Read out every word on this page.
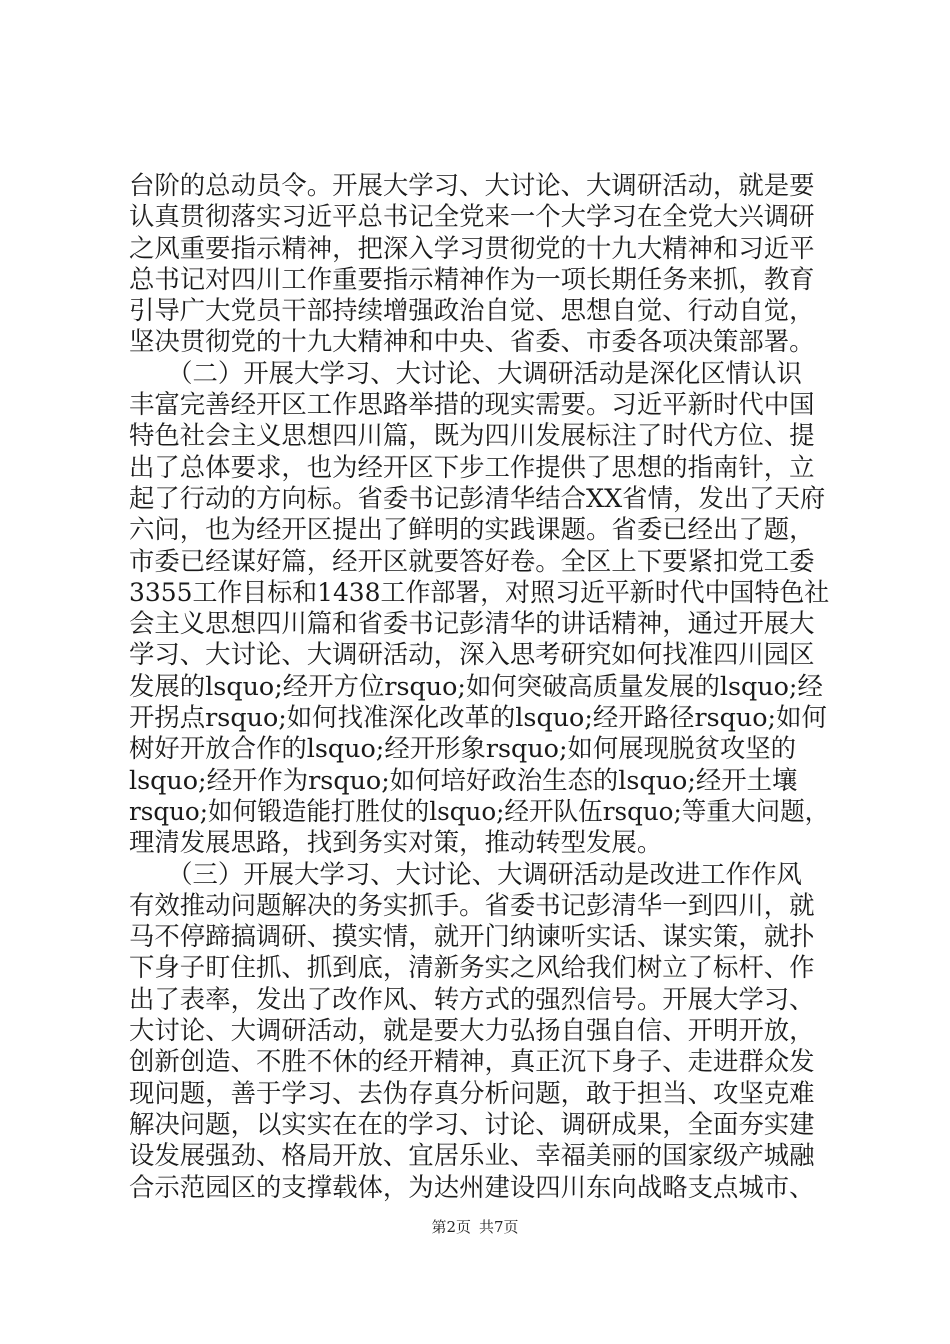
台阶的总动员令。开展大学习、大讨论、大调研活动，就是要
认真贯彻落实习近平总书记全党来一个大学习在全党大兴调研
之风重要指示精神，把深入学习贯彻党的十九大精神和习近平
总书记对四川工作重要指示精神作为一项长期任务来抓，教育
引导广大党员干部持续增强政治自觉、思想自觉、行动自觉，
坚决贯彻党的十九大精神和中央、省委、市委各项决策部署。
　　（二）开展大学习、大讨论、大调研活动是深化区情认识
丰富完善经开区工作思路举措的现实需要。习近平新时代中国
特色社会主义思想四川篇，既为四川发展标注了时代方位、提
出了总体要求，也为经开区下步工作提供了思想的指南针，立
起了行动的方向标。省委书记彭清华结合XX省情，发出了天府
六问，也为经开区提出了鲜明的实践课题。省委已经出了题，
市委已经谋好篇，经开区就要答好卷。全区上下要紧扣党工委
3355工作目标和1438工作部署，对照习近平新时代中国特色社
会主义思想四川篇和省委书记彭清华的讲话精神，通过开展大
学习、大讨论、大调研活动，深入思考研究如何找准四川园区
发展的lsquo;经开方位rsquo;如何突破高质量发展的lsquo;经
开拐点rsquo;如何找准深化改革的lsquo;经开路径rsquo;如何
树好开放合作的lsquo;经开形象rsquo;如何展现脱贫攻坚的
lsquo;经开作为rsquo;如何培好政治生态的lsquo;经开土壤
rsquo;如何锻造能打胜仗的lsquo;经开队伍rsquo;等重大问题，
理清发展思路，找到务实对策，推动转型发展。
　　（三）开展大学习、大讨论、大调研活动是改进工作作风
有效推动问题解决的务实抓手。省委书记彭清华一到四川，就
马不停蹄搞调研、摸实情，就开门纳谏听实话、谋实策，就扑
下身子盯住抓、抓到底，清新务实之风给我们树立了标杆、作
出了表率，发出了改作风、转方式的强烈信号。开展大学习、
大讨论、大调研活动，就是要大力弘扬自强自信、开明开放，
创新创造、不胜不休的经开精神，真正沉下身子、走进群众发
现问题，善于学习、去伪存真分析问题，敢于担当、攻坚克难
解决问题，以实实在在的学习、讨论、调研成果，全面夯实建
设发展强劲、格局开放、宜居乐业、幸福美丽的国家级产城融
合示范园区的支撑载体，为达州建设四川东向战略支点城市、
第2页 共7页
